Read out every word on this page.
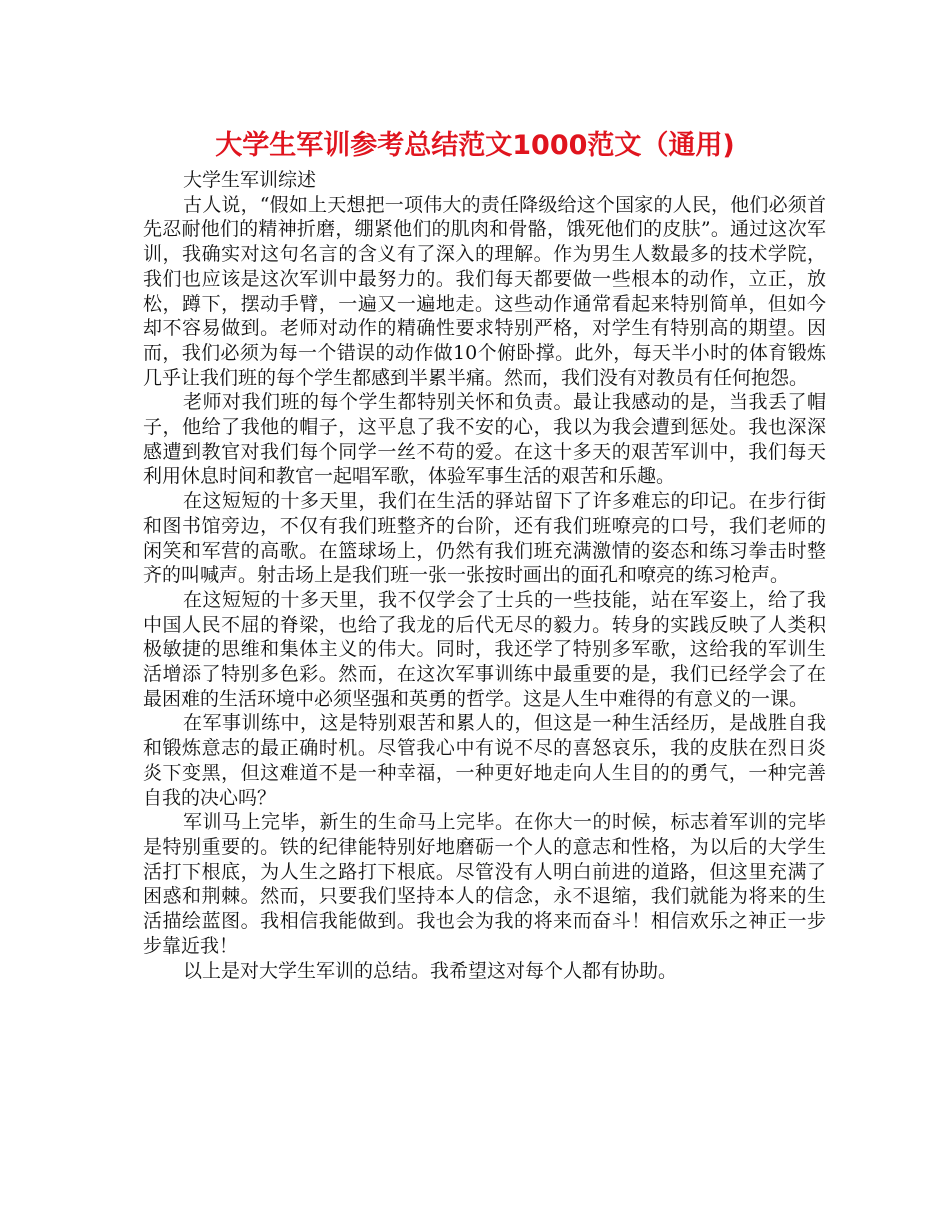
大学生军训参考总结范文1000范文（通用)

大学生军训综述

古人说，“假如上天想把一项伟大的责任降级给这个国家的人民，他们必须首先忍耐他们的精神折磨，绷紧他们的肌肉和骨骼，饿死他们的皮肤”。通过这次军训，我确实对这句名言的含义有了深入的理解。作为男生人数最多的技术学院，我们也应该是这次军训中最努力的。我们每天都要做一些根本的动作，立正，放松，蹲下，摆动手臂，一遍又一遍地走。这些动作通常看起来特别简单，但如今却不容易做到。老师对动作的精确性要求特别严格，对学生有特别高的期望。因而，我们必须为每一个错误的动作做10个俯卧撑。此外，每天半小时的体育锻炼几乎让我们班的每个学生都感到半累半痛。然而，我们没有对教员有任何抱怨。

老师对我们班的每个学生都特别关怀和负责。最让我感动的是，当我丢了帽子，他给了我他的帽子，这平息了我不安的心，我以为我会遭到惩处。我也深深感遭到教官对我们每个同学一丝不苟的爱。在这十多天的艰苦军训中，我们每天利用休息时间和教官一起唱军歌，体验军事生活的艰苦和乐趣。

在这短短的十多天里，我们在生活的驿站留下了许多难忘的印记。在步行街和图书馆旁边，不仅有我们班整齐的台阶，还有我们班嘹亮的口号，我们老师的闲笑和军营的高歌。在篮球场上，仍然有我们班充满激情的姿态和练习拳击时整齐的叫喊声。射击场上是我们班一张一张按时画出的面孔和嘹亮的练习枪声。

在这短短的十多天里，我不仅学会了士兵的一些技能，站在军姿上，给了我中国人民不屈的脊梁，也给了我龙的后代无尽的毅力。转身的实践反映了人类积极敏捷的思维和集体主义的伟大。同时，我还学了特别多军歌，这给我的军训生活增添了特别多色彩。然而，在这次军事训练中最重要的是，我们已经学会了在最困难的生活环境中必须坚强和英勇的哲学。这是人生中难得的有意义的一课。

在军事训练中，这是特别艰苦和累人的，但这是一种生活经历，是战胜自我和锻炼意志的最正确时机。尽管我心中有说不尽的喜怒哀乐，我的皮肤在烈日炎炎下变黑，但这难道不是一种幸福，一种更好地走向人生目的的勇气，一种完善自我的决心吗？

军训马上完毕，新生的生命马上完毕。在你大一的时候，标志着军训的完毕是特别重要的。铁的纪律能特别好地磨砺一个人的意志和性格，为以后的大学生活打下根底，为人生之路打下根底。尽管没有人明白前进的道路，但这里充满了困惑和荆棘。然而，只要我们坚持本人的信念，永不退缩，我们就能为将来的生活描绘蓝图。我相信我能做到。我也会为我的将来而奋斗！相信欢乐之神正一步步靠近我！

以上是对大学生军训的总结。我希望这对每个人都有协助。
